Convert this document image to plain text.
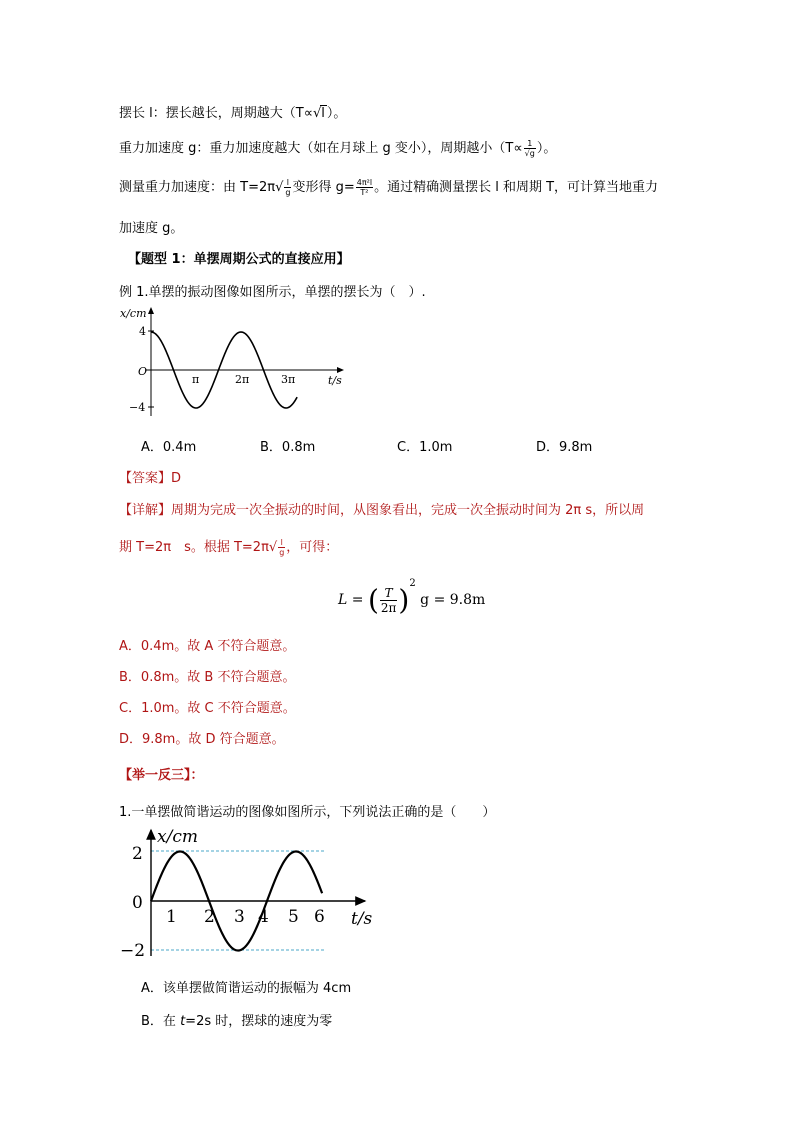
摆长 l：摆长越长，周期越大（T∝√l ）。
重力加速度 g：重力加速度越大（如在月球上 g 变小），周期越小（$T\propto \frac{1}{√g}$ ）。
测量重力加速度：由 $T=2\pi√ \frac{l}{g}$ 变形得 $g= \frac{\text{4π²l}}{\text{T²}}$ 。通过精确测量摆长 l 和周期 T，可计算当地重力
加速度 g。
【题型 1：单摆周期公式的直接应用】
例 1.单摆的振动图像如图所示，单摆的摆长为（　）.
x/cm
4
O
−4
π	2π	3π	t/s
A．0.4m	B．0.8m	C．1.0m	D．9.8m
【答案】D
【详解】周期为完成一次全振动的时间，从图象看出，完成一次全振动时间为 2π s，所以周
期 T=2π　s。根据 $T=2\pi√ \frac{l}{g}$ ，可得：
L = ( $\frac{T}{2\pi} )^2$ g = 9.8m
A．0.4m。故 A 不符合题意。
B．0.8m。故 B 不符合题意。
C．1.0m。故 C 不符合题意。
D．9.8m。故 D 符合题意。
【举一反三】：
1.一单摆做简谐运动的图像如图所示，下列说法正确的是（　　）
x/cm
2
0
−2
1 2 3 4 5 6 t/s
A．该单摆做简谐运动的振幅为 4cm
B．在 t=2s 时，摆球的速度为零
